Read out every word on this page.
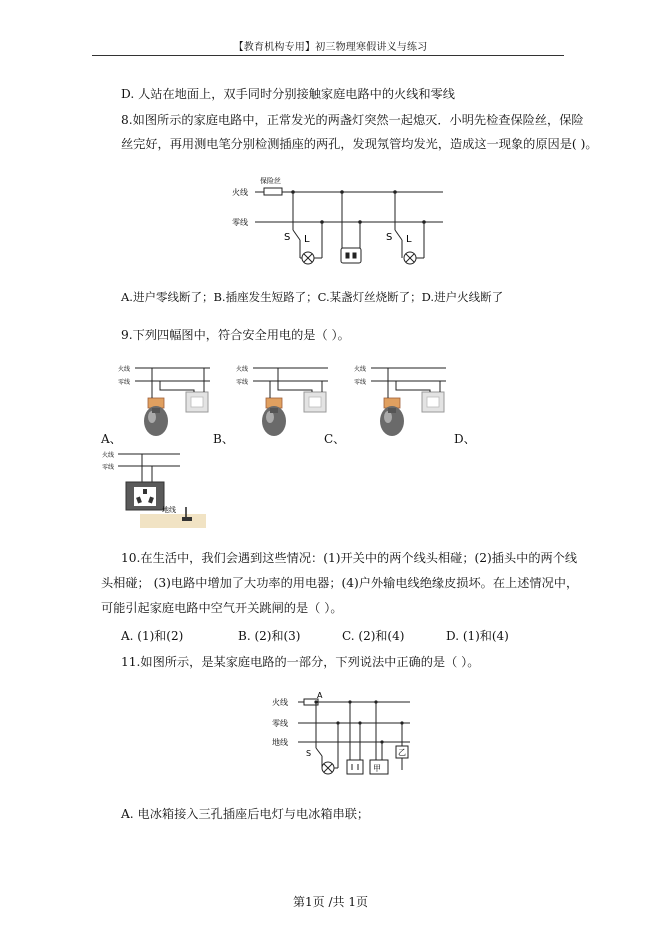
【教育机构专用】初三物理寒假讲义与练习
D. 人站在地面上，双手同时分别接触家庭电路中的火线和零线
8.如图所示的家庭电路中，正常发光的两盏灯突然一起熄灭．小明先检查保险丝，保险
丝完好，再用测电笔分别检测插座的两孔，发现氖管均发光，造成这一现象的原因是( )。
火线
零线
保险丝
S L	S L
A.进户零线断了；B.插座发生短路了；C.某盏灯丝烧断了；D.进户火线断了
9.下列四幅图中，符合安全用电的是（ ）。
火线
零线
火线
零线
火线
零线
A、	B、	C、	D、
火线
零线
地线
10.在生活中，我们会遇到这些情况：(1)开关中的两个线头相碰；(2)插头中的两个线
头相碰； (3)电路中增加了大功率的用电器；(4)户外输电线绝缘皮损坏。在上述情况中，
可能引起家庭电路中空气开关跳闸的是（ ）。
A. (1)和(2)	B. (2)和(3)	C. (2)和(4)	D. (1)和(4)
11.如图所示，是某家庭电路的一部分，下列说法中正确的是（ ）。
火线
零线
地线
A
S
甲
乙
A. 电冰箱接入三孔插座后电灯与电冰箱串联；
第1页 /共 1页
